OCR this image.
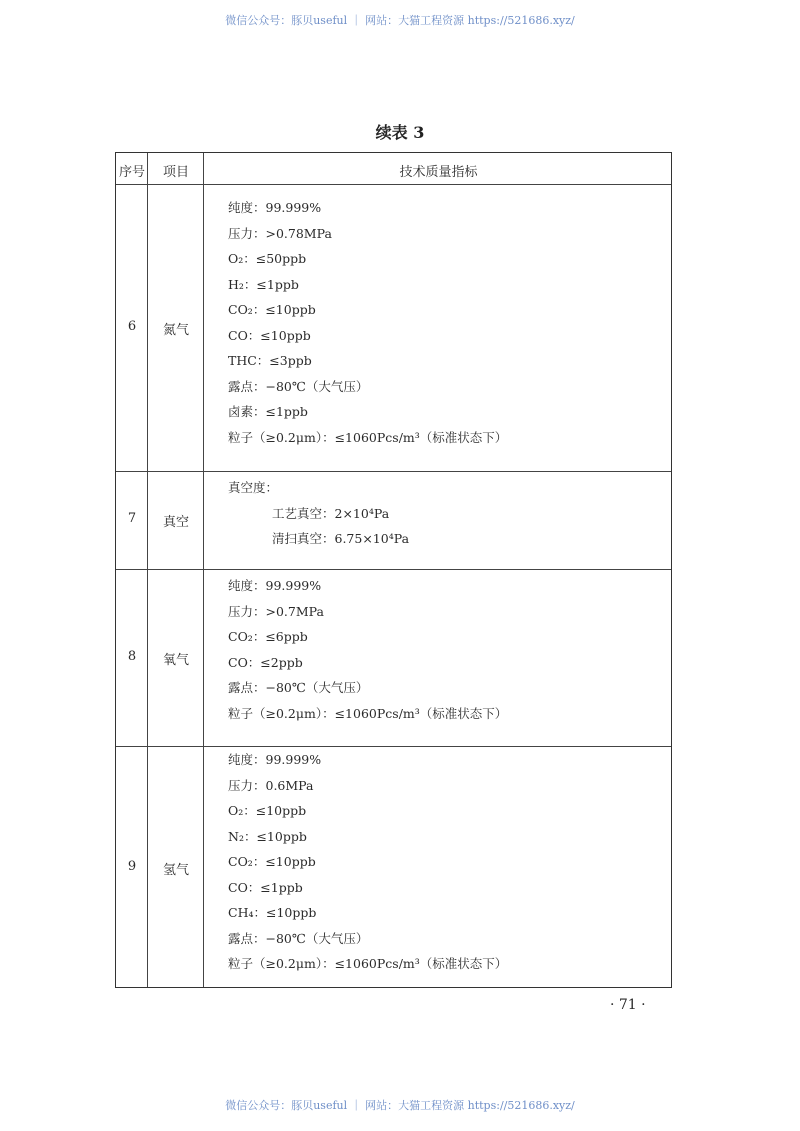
微信公众号：豚贝useful ｜ 网站：大猫工程资源 https://521686.xyz/
续表 3
序号	项目	技术质量指标
6	氮气
纯度：99.999%
压力：>0.78MPa
O₂：≤50ppb
H₂：≤1ppb
CO₂：≤10ppb
CO：≤10ppb
THC：≤3ppb
露点：−80℃（大气压）
卤素：≤1ppb
粒子（≥0.2μm）：≤1060Pcs/m³（标准状态下）
7	真空
真空度：
工艺真空：2×10⁴Pa
清扫真空：6.75×10⁴Pa
8	氧气
纯度：99.999%
压力：>0.7MPa
CO₂：≤6ppb
CO：≤2ppb
露点：−80℃（大气压）
粒子（≥0.2μm）：≤1060Pcs/m³（标准状态下）
9	氢气
纯度：99.999%
压力：0.6MPa
O₂：≤10ppb
N₂：≤10ppb
CO₂：≤10ppb
CO：≤1ppb
CH₄：≤10ppb
露点：−80℃（大气压）
粒子（≥0.2μm）：≤1060Pcs/m³（标准状态下）
· 71 ·
微信公众号：豚贝useful ｜ 网站：大猫工程资源 https://521686.xyz/
